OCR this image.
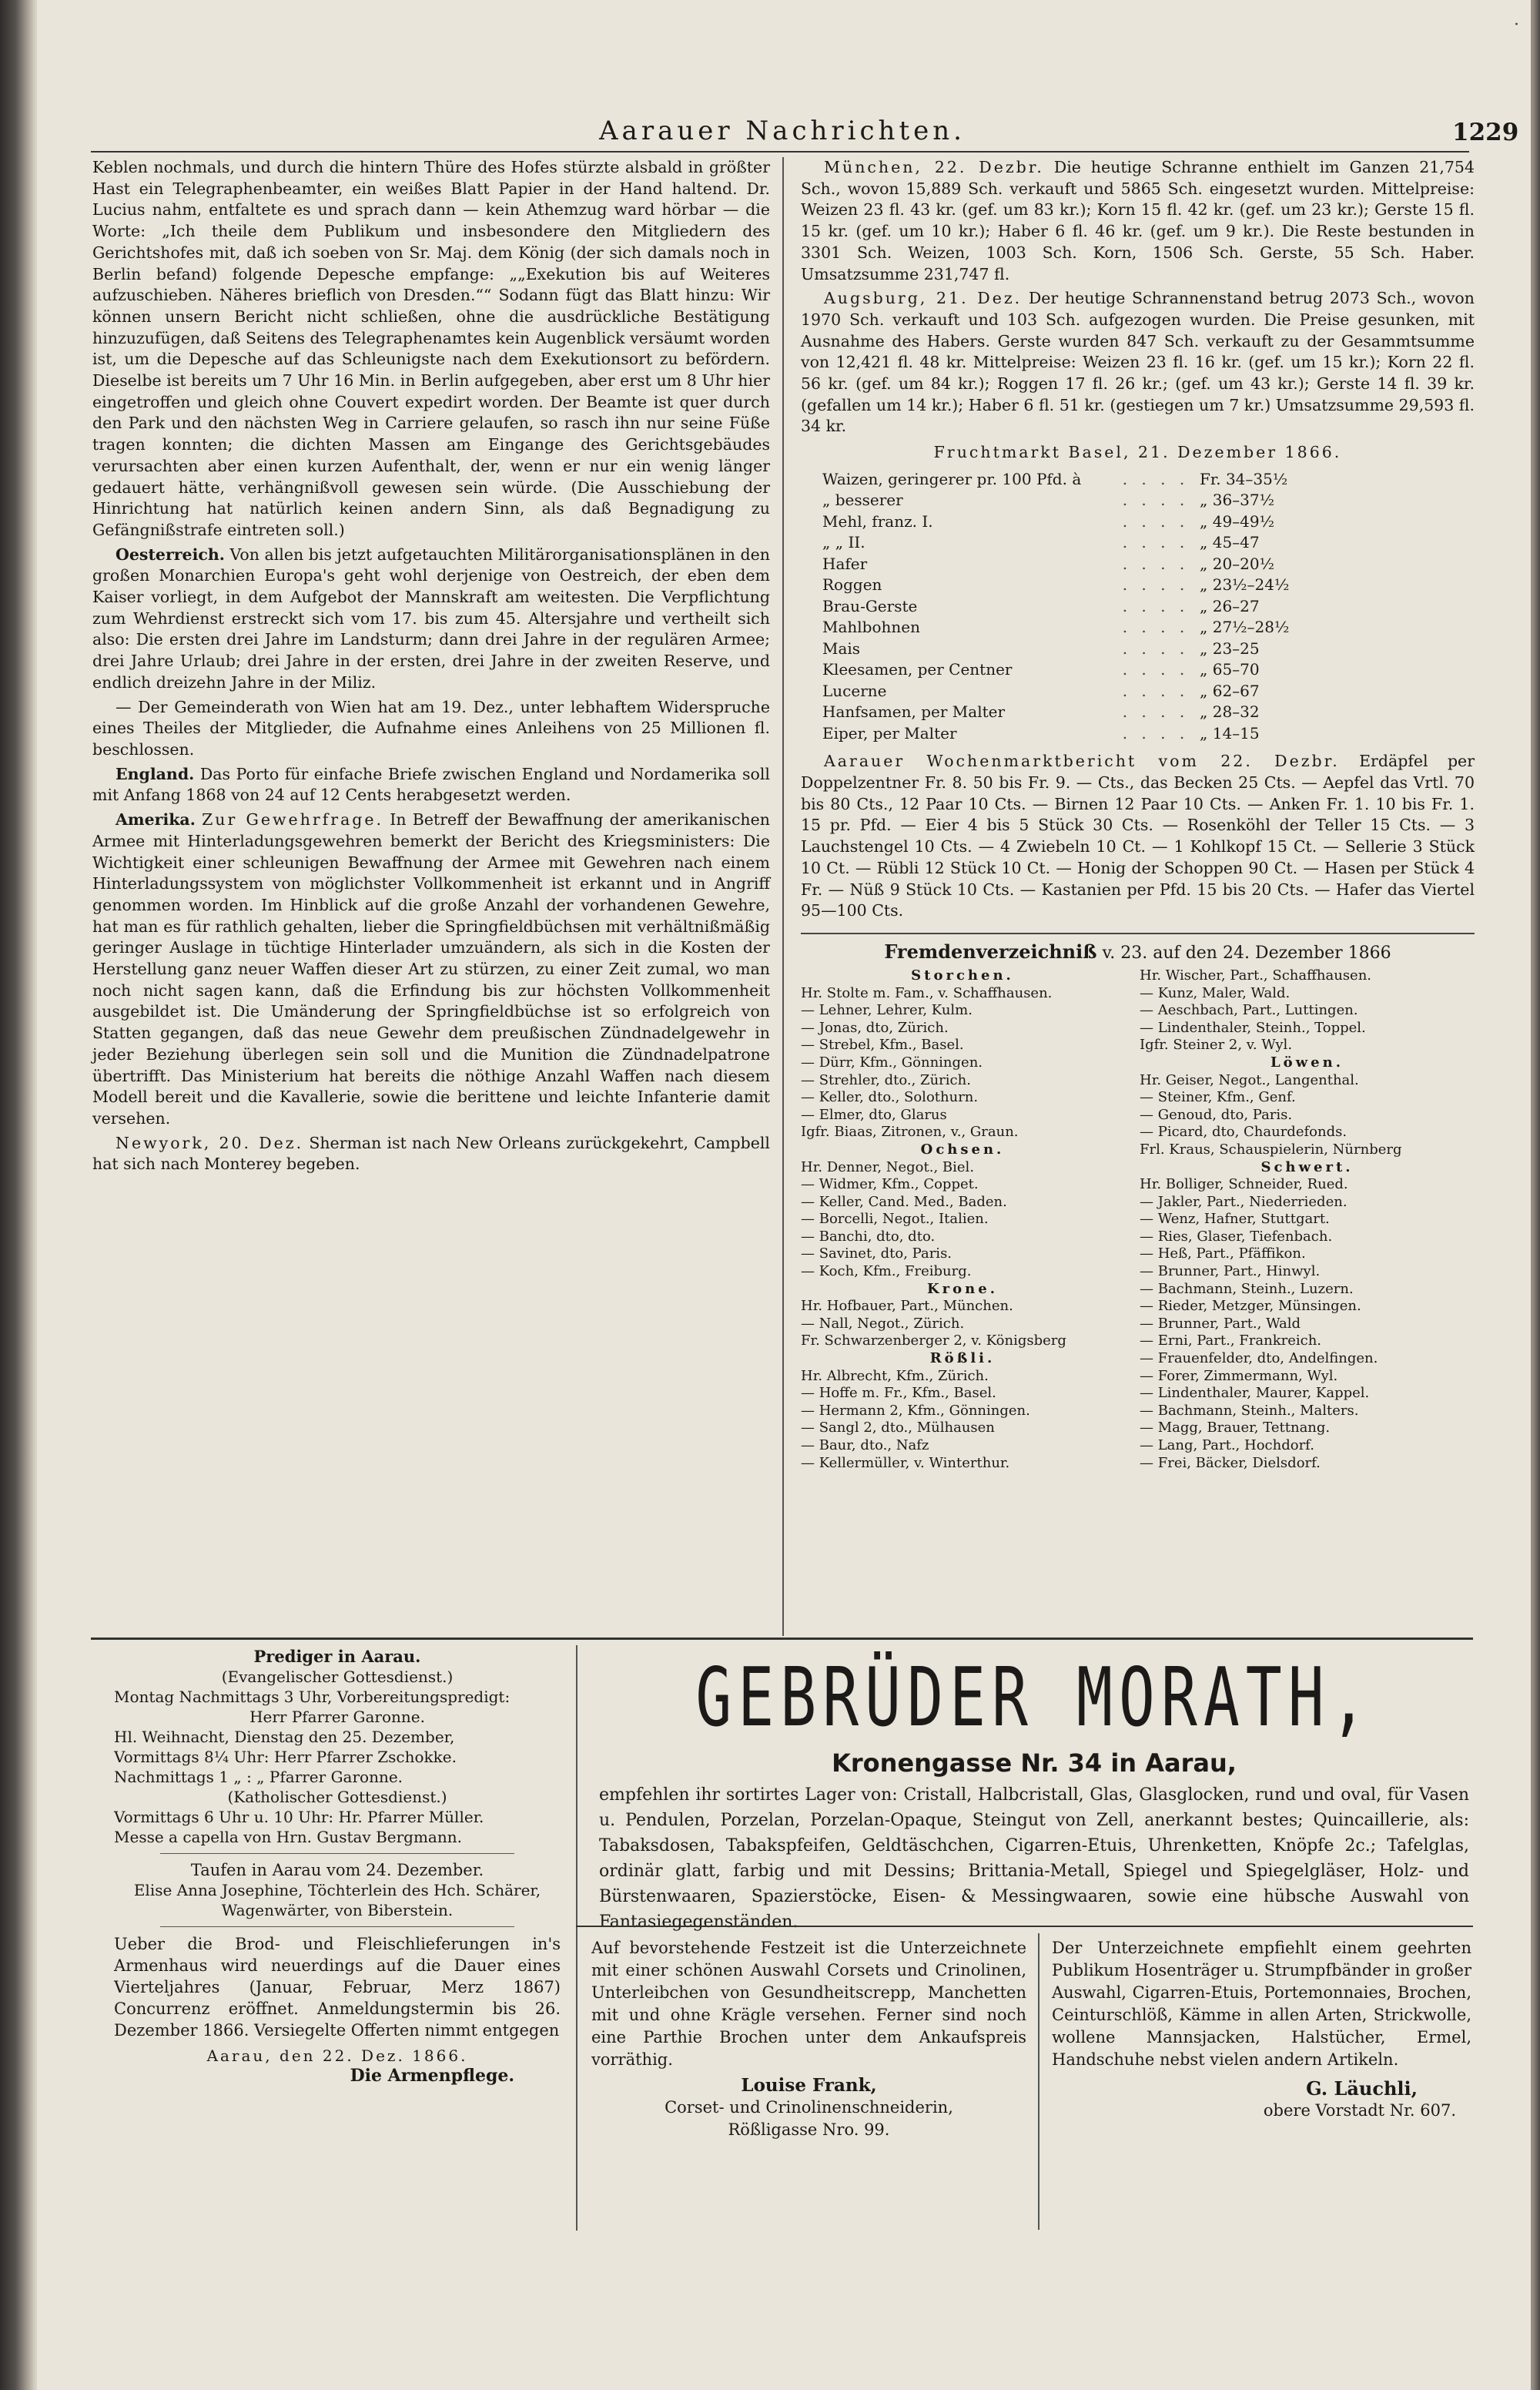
·
Aarauer Nachrichten.	1229

Keblen nochmals, und durch die hintern Thüre des Hofes stürzte alsbald in größter Hast ein Telegraphenbeamter, ein weißes Blatt Papier in der Hand haltend. Dr. Lucius nahm, entfaltete es und sprach dann — kein Athemzug ward hörbar — die Worte: „Ich theile dem Publikum und insbesondere den Mitgliedern des Gerichtshofes mit, daß ich soeben von Sr. Maj. dem König (der sich damals noch in Berlin befand) folgende Depesche empfange: „„Exekution bis auf Weiteres aufzuschieben. Näheres brieflich von Dresden.““ Sodann fügt das Blatt hinzu: Wir können unsern Bericht nicht schließen, ohne die ausdrückliche Bestätigung hinzuzufügen, daß Seitens des Telegraphenamtes kein Augenblick versäumt worden ist, um die Depesche auf das Schleunigste nach dem Exekutionsort zu befördern. Dieselbe ist bereits um 7 Uhr 16 Min. in Berlin aufgegeben, aber erst um 8 Uhr hier eingetroffen und gleich ohne Couvert expedirt worden. Der Beamte ist quer durch den Park und den nächsten Weg in Carriere gelaufen, so rasch ihn nur seine Füße tragen konnten; die dichten Massen am Eingange des Gerichtsgebäudes verursachten aber einen kurzen Aufenthalt, der, wenn er nur ein wenig länger gedauert hätte, verhängnißvoll gewesen sein würde. (Die Ausschiebung der Hinrichtung hat natürlich keinen andern Sinn, als daß Begnadigung zu Gefängnißstrafe eintreten soll.)

Oesterreich. Von allen bis jetzt aufgetauchten Militärorganisationsplänen in den großen Monarchien Europa's geht wohl derjenige von Oestreich, der eben dem Kaiser vorliegt, in dem Aufgebot der Mannskraft am weitesten. Die Verpflichtung zum Wehrdienst erstreckt sich vom 17. bis zum 45. Altersjahre und vertheilt sich also: Die ersten drei Jahre im Landsturm; dann drei Jahre in der regulären Armee; drei Jahre Urlaub; drei Jahre in der ersten, drei Jahre in der zweiten Reserve, und endlich dreizehn Jahre in der Miliz.

— Der Gemeinderath von Wien hat am 19. Dez., unter lebhaftem Widerspruche eines Theiles der Mitglieder, die Aufnahme eines Anleihens von 25 Millionen fl. beschlossen.

England. Das Porto für einfache Briefe zwischen England und Nordamerika soll mit Anfang 1868 von 24 auf 12 Cents herabgesetzt werden.

Amerika. Zur Gewehrfrage. In Betreff der Bewaffnung der amerikanischen Armee mit Hinterladungsgewehren bemerkt der Bericht des Kriegsministers: Die Wichtigkeit einer schleunigen Bewaffnung der Armee mit Gewehren nach einem Hinterladungssystem von möglichster Vollkommenheit ist erkannt und in Angriff genommen worden. Im Hinblick auf die große Anzahl der vorhandenen Gewehre, hat man es für rathlich gehalten, lieber die Springfieldbüchsen mit verhältnißmäßig geringer Auslage in tüchtige Hinterlader umzuändern, als sich in die Kosten der Herstellung ganz neuer Waffen dieser Art zu stürzen, zu einer Zeit zumal, wo man noch nicht sagen kann, daß die Erfindung bis zur höchsten Vollkommenheit ausgebildet ist. Die Umänderung der Springfieldbüchse ist so erfolgreich von Statten gegangen, daß das neue Gewehr dem preußischen Zündnadelgewehr in jeder Beziehung überlegen sein soll und die Munition die Zündnadelpatrone übertrifft. Das Ministerium hat bereits die nöthige Anzahl Waffen nach diesem Modell bereit und die Kavallerie, sowie die berittene und leichte Infanterie damit versehen.

Newyork, 20. Dez. Sherman ist nach New Orleans zurückgekehrt, Campbell hat sich nach Monterey begeben.

München, 22. Dezbr. Die heutige Schranne enthielt im Ganzen 21,754 Sch., wovon 15,889 Sch. verkauft und 5865 Sch. eingesetzt wurden. Mittelpreise: Weizen 23 fl. 43 kr. (gef. um 83 kr.); Korn 15 fl. 42 kr. (gef. um 23 kr.); Gerste 15 fl. 15 kr. (gef. um 10 kr.); Haber 6 fl. 46 kr. (gef. um 9 kr.). Die Reste bestunden in 3301 Sch. Weizen, 1003 Sch. Korn, 1506 Sch. Gerste, 55 Sch. Haber. Umsatzsumme 231,747 fl.

Augsburg, 21. Dez. Der heutige Schrannenstand betrug 2073 Sch., wovon 1970 Sch. verkauft und 103 Sch. aufgezogen wurden. Die Preise gesunken, mit Ausnahme des Habers. Gerste wurden 847 Sch. verkauft zu der Gesammtsumme von 12,421 fl. 48 kr. Mittelpreise: Weizen 23 fl. 16 kr. (gef. um 15 kr.); Korn 22 fl. 56 kr. (gef. um 84 kr.); Roggen 17 fl. 26 kr.; (gef. um 43 kr.); Gerste 14 fl. 39 kr. (gefallen um 14 kr.); Haber 6 fl. 51 kr. (gestiegen um 7 kr.) Umsatzsumme 29,593 fl. 34 kr.

Fruchtmarkt Basel, 21. Dezember 1866.
Waizen, geringerer pr. 100 Pfd. à	. . . .	Fr. 34–35½
„ besserer	. . . .	„ 36–37½
Mehl, franz. I.	. . . .	„ 49–49½
„ „ II.	. . . .	„ 45–47
Hafer	. . . .	„ 20–20½
Roggen	. . . .	„ 23½–24½
Brau-Gerste	. . . .	„ 26–27
Mahlbohnen	. . . .	„ 27½–28½
Mais	. . . .	„ 23–25
Kleesamen, per Centner	. . . .	„ 65–70
Lucerne	. . . .	„ 62–67
Hanfsamen, per Malter	. . . .	„ 28–32
Eiper, per Malter	. . . .	„ 14–15

Aarauer Wochenmarktbericht vom 22. Dezbr. Erdäpfel per Doppelzentner Fr. 8. 50 bis Fr. 9. — Cts., das Becken 25 Cts. — Aepfel das Vrtl. 70 bis 80 Cts., 12 Paar 10 Cts. — Birnen 12 Paar 10 Cts. — Anken Fr. 1. 10 bis Fr. 1. 15 pr. Pfd. — Eier 4 bis 5 Stück 30 Cts. — Rosenköhl der Teller 15 Cts. — 3 Lauchstengel 10 Cts. — 4 Zwiebeln 10 Ct. — 1 Kohlkopf 15 Ct. — Sellerie 3 Stück 10 Ct. — Rübli 12 Stück 10 Ct. — Honig der Schoppen 90 Ct. — Hasen per Stück 4 Fr. — Nüß 9 Stück 10 Cts. — Kastanien per Pfd. 15 bis 20 Cts. — Hafer das Viertel 95—100 Cts.

Fremdenverzeichniß v. 23. auf den 24. Dezember 1866
Storchen.
Hr. Stolte m. Fam., v. Schaffhausen.
— Lehner, Lehrer, Kulm.
— Jonas, dto, Zürich.
— Strebel, Kfm., Basel.
— Dürr, Kfm., Gönningen.
— Strehler, dto., Zürich.
— Keller, dto., Solothurn.
— Elmer, dto, Glarus
Igfr. Biaas, Zitronen, v., Graun.
Ochsen.
Hr. Denner, Negot., Biel.
— Widmer, Kfm., Coppet.
— Keller, Cand. Med., Baden.
— Borcelli, Negot., Italien.
— Banchi, dto, dto.
— Savinet, dto, Paris.
— Koch, Kfm., Freiburg.
Krone.
Hr. Hofbauer, Part., München.
— Nall, Negot., Zürich.
Fr. Schwarzenberger 2, v. Königsberg
Rößli.
Hr. Albrecht, Kfm., Zürich.
— Hoffe m. Fr., Kfm., Basel.
— Hermann 2, Kfm., Gönningen.
— Sangl 2, dto., Mülhausen
— Baur, dto., Nafz
— Kellermüller, v. Winterthur.
Hr. Wischer, Part., Schaffhausen.
— Kunz, Maler, Wald.
— Aeschbach, Part., Luttingen.
— Lindenthaler, Steinh., Toppel.
Igfr. Steiner 2, v. Wyl.
Löwen.
Hr. Geiser, Negot., Langenthal.
— Steiner, Kfm., Genf.
— Genoud, dto, Paris.
— Picard, dto, Chaurdefonds.
Frl. Kraus, Schauspielerin, Nürnberg
Schwert.
Hr. Bolliger, Schneider, Rued.
— Jakler, Part., Niederrieden.
— Wenz, Hafner, Stuttgart.
— Ries, Glaser, Tiefenbach.
— Heß, Part., Pfäffikon.
— Brunner, Part., Hinwyl.
— Bachmann, Steinh., Luzern.
— Rieder, Metzger, Münsingen.
— Brunner, Part., Wald
— Erni, Part., Frankreich.
— Frauenfelder, dto, Andelfingen.
— Forer, Zimmermann, Wyl.
— Lindenthaler, Maurer, Kappel.
— Bachmann, Steinh., Malters.
— Magg, Brauer, Tettnang.
— Lang, Part., Hochdorf.
— Frei, Bäcker, Dielsdorf.
Prediger in Aarau.
(Evangelischer Gottesdienst.)
Montag Nachmittags 3 Uhr, Vorbereitungspredigt:
Herr Pfarrer Garonne.
Hl. Weihnacht, Dienstag den 25. Dezember,
Vormittags 8¼ Uhr: Herr Pfarrer Zschokke.
Nachmittags 1 „ : „ Pfarrer Garonne.
(Katholischer Gottesdienst.)
Vormittags 6 Uhr u. 10 Uhr: Hr. Pfarrer Müller.
Messe a capella von Hrn. Gustav Bergmann.
Taufen in Aarau vom 24. Dezember.
Elise Anna Josephine, Töchterlein des Hch. Schärer, Wagenwärter, von Biberstein.
Ueber die Brod- und Fleischlieferungen in's Armenhaus wird neuerdings auf die Dauer eines Vierteljahres (Januar, Februar, Merz 1867) Concurrenz eröffnet. Anmeldungstermin bis 26. Dezember 1866. Versiegelte Offerten nimmt entgegen
Aarau, den 22. Dez. 1866.
Die Armenpflege.
GEBRÜDER MORATH,
Kronengasse Nr. 34 in Aarau,
empfehlen ihr sortirtes Lager von: Cristall, Halbcristall, Glas, Glasglocken, rund und oval, für Vasen u. Pendulen, Porzelan, Porzelan-Opaque, Steingut von Zell, anerkannt bestes; Quincaillerie, als: Tabaksdosen, Tabakspfeifen, Geldtäschchen, Cigarren-Etuis, Uhrenketten, Knöpfe 2c.; Tafelglas, ordinär glatt, farbig und mit Dessins; Brittania-Metall, Spiegel und Spiegelgläser, Holz- und Bürstenwaaren, Spazierstöcke, Eisen- & Messingwaaren, sowie eine hübsche Auswahl von Fantasiegegenständen.
Auf bevorstehende Festzeit ist die Unterzeichnete mit einer schönen Auswahl Corsets und Crinolinen, Unterleibchen von Gesundheitscrepp, Manchetten mit und ohne Krägle versehen. Ferner sind noch eine Parthie Brochen unter dem Ankaufspreis vorräthig.
Louise Frank,
Corset- und Crinolinenschneiderin,
Rößligasse Nro. 99.
Der Unterzeichnete empfiehlt einem geehrten Publikum Hosenträger u. Strumpfbänder in großer Auswahl, Cigarren-Etuis, Portemonnaies, Brochen, Ceinturschlöß, Kämme in allen Arten, Strickwolle, wollene Mannsjacken, Halstücher, Ermel, Handschuhe nebst vielen andern Artikeln.
G. Läuchli,
obere Vorstadt Nr. 607.
